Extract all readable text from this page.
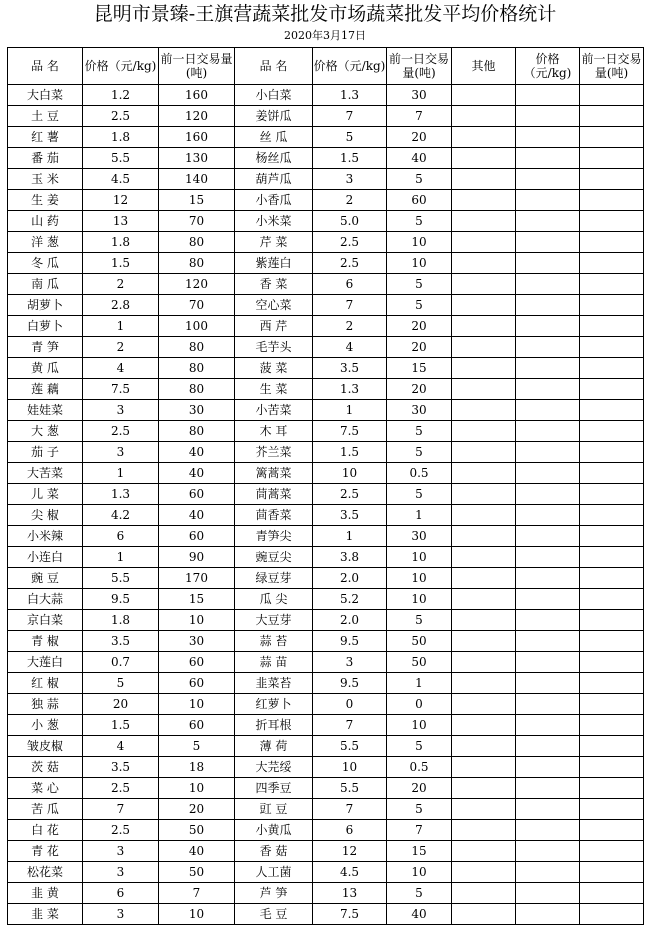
昆明市景臻-王旗营蔬菜批发市场蔬菜批发平均价格统计
2020年3月17日
品 名	价格（元/kg)	前一日交易量(吨)	品 名	价格（元/kg)	前一日交易量(吨)	其他	价格（元/kg)	前一日交易量(吨)
大白菜	1.2	160	小白菜	1.3	30			
土 豆	2.5	120	姜饼瓜	7	7			
红 薯	1.8	160	丝 瓜	5	20			
番 茄	5.5	130	杨丝瓜	1.5	40			
玉 米	4.5	140	葫芦瓜	3	5			
生 姜	12	15	小香瓜	2	60			
山 药	13	70	小米菜	5.0	5			
洋 葱	1.8	80	芹 菜	2.5	10			
冬 瓜	1.5	80	紫莲白	2.5	10			
南 瓜	2	120	香 菜	6	5			
胡萝卜	2.8	70	空心菜	7	5			
白萝卜	1	100	西 芹	2	20			
青 笋	2	80	毛芋头	4	20			
黄 瓜	4	80	菠 菜	3.5	15			
莲 藕	7.5	80	生 菜	1.3	20			
娃娃菜	3	30	小苦菜	1	30			
大 葱	2.5	80	木 耳	7.5	5			
茄 子	3	40	芥兰菜	1.5	5			
大苦菜	1	40	篱蒿菜	10	0.5			
儿 菜	1.3	60	茼蒿菜	2.5	5			
尖 椒	4.2	40	茴香菜	3.5	1			
小米辣	6	60	青笋尖	1	30			
小连白	1	90	豌豆尖	3.8	10			
豌 豆	5.5	170	绿豆芽	2.0	10			
白大蒜	9.5	15	瓜 尖	5.2	10			
京白菜	1.8	10	大豆芽	2.0	5			
青 椒	3.5	30	蒜 苔	9.5	50			
大莲白	0.7	60	蒜 苗	3	50			
红 椒	5	60	韭菜苔	9.5	1			
独 蒜	20	10	红萝卜	0	0			
小 葱	1.5	60	折耳根	7	10			
皱皮椒	4	5	薄 荷	5.5	5			
茨 菇	3.5	18	大芫绥	10	0.5			
菜 心	2.5	10	四季豆	5.5	20			
苦 瓜	7	20	豇 豆	7	5			
白 花	2.5	50	小黄瓜	6	7			
青 花	3	40	香 菇	12	15			
松花菜	3	50	人工菌	4.5	10			
韭 黄	6	7	芦 笋	13	5			
韭 菜	3	10	毛 豆	7.5	40			
